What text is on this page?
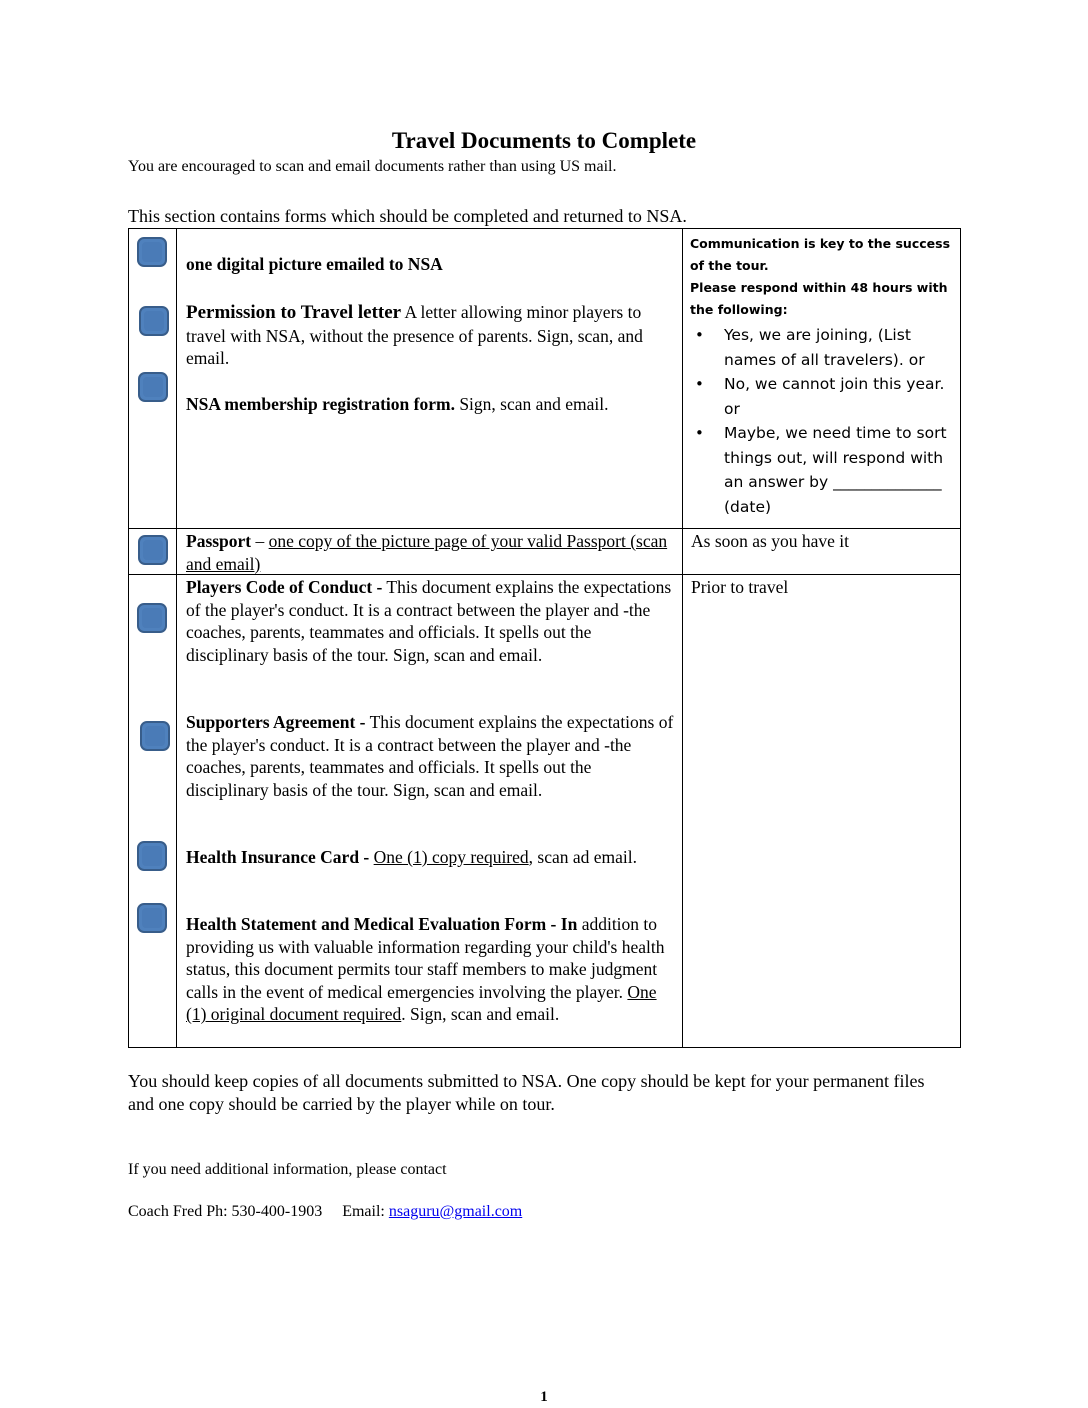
Travel Documents to Complete
You are encouraged to scan and email documents rather than using US mail.
This section contains forms which should be completed and returned to NSA.
one digital picture emailed to NSA
Permission to Travel letter A letter allowing minor players to travel with NSA, without the presence of parents. Sign, scan, and email.
NSA membership registration form. Sign, scan and email.
Communication is key to the success of the tour.
Please respond within 48 hours with the following:
• Yes, we are joining, (List names of all travelers). or
• No, we cannot join this year. or
• Maybe, we need time to sort things out, will respond with an answer by ______________ (date)
Passport – one copy of the picture page of your valid Passport (scan and email)
As soon as you have it
Players Code of Conduct - This document explains the expectations of the player's conduct. It is a contract between the player and -the coaches, parents, teammates and officials. It spells out the disciplinary basis of the tour. Sign, scan and email.
Supporters Agreement - This document explains the expectations of the player's conduct. It is a contract between the player and -the coaches, parents, teammates and officials. It spells out the disciplinary basis of the tour. Sign, scan and email.
Health Insurance Card - One (1) copy required, scan ad email.
Health Statement and Medical Evaluation Form - In addition to providing us with valuable information regarding your child's health status, this document permits tour staff members to make judgment calls in the event of medical emergencies involving the player. One (1) original document required. Sign, scan and email.
Prior to travel
You should keep copies of all documents submitted to NSA. One copy should be kept for your permanent files and one copy should be carried by the player while on tour.
If you need additional information, please contact
Coach Fred Ph: 530-400-1903 Email: nsaguru@gmail.com
1
